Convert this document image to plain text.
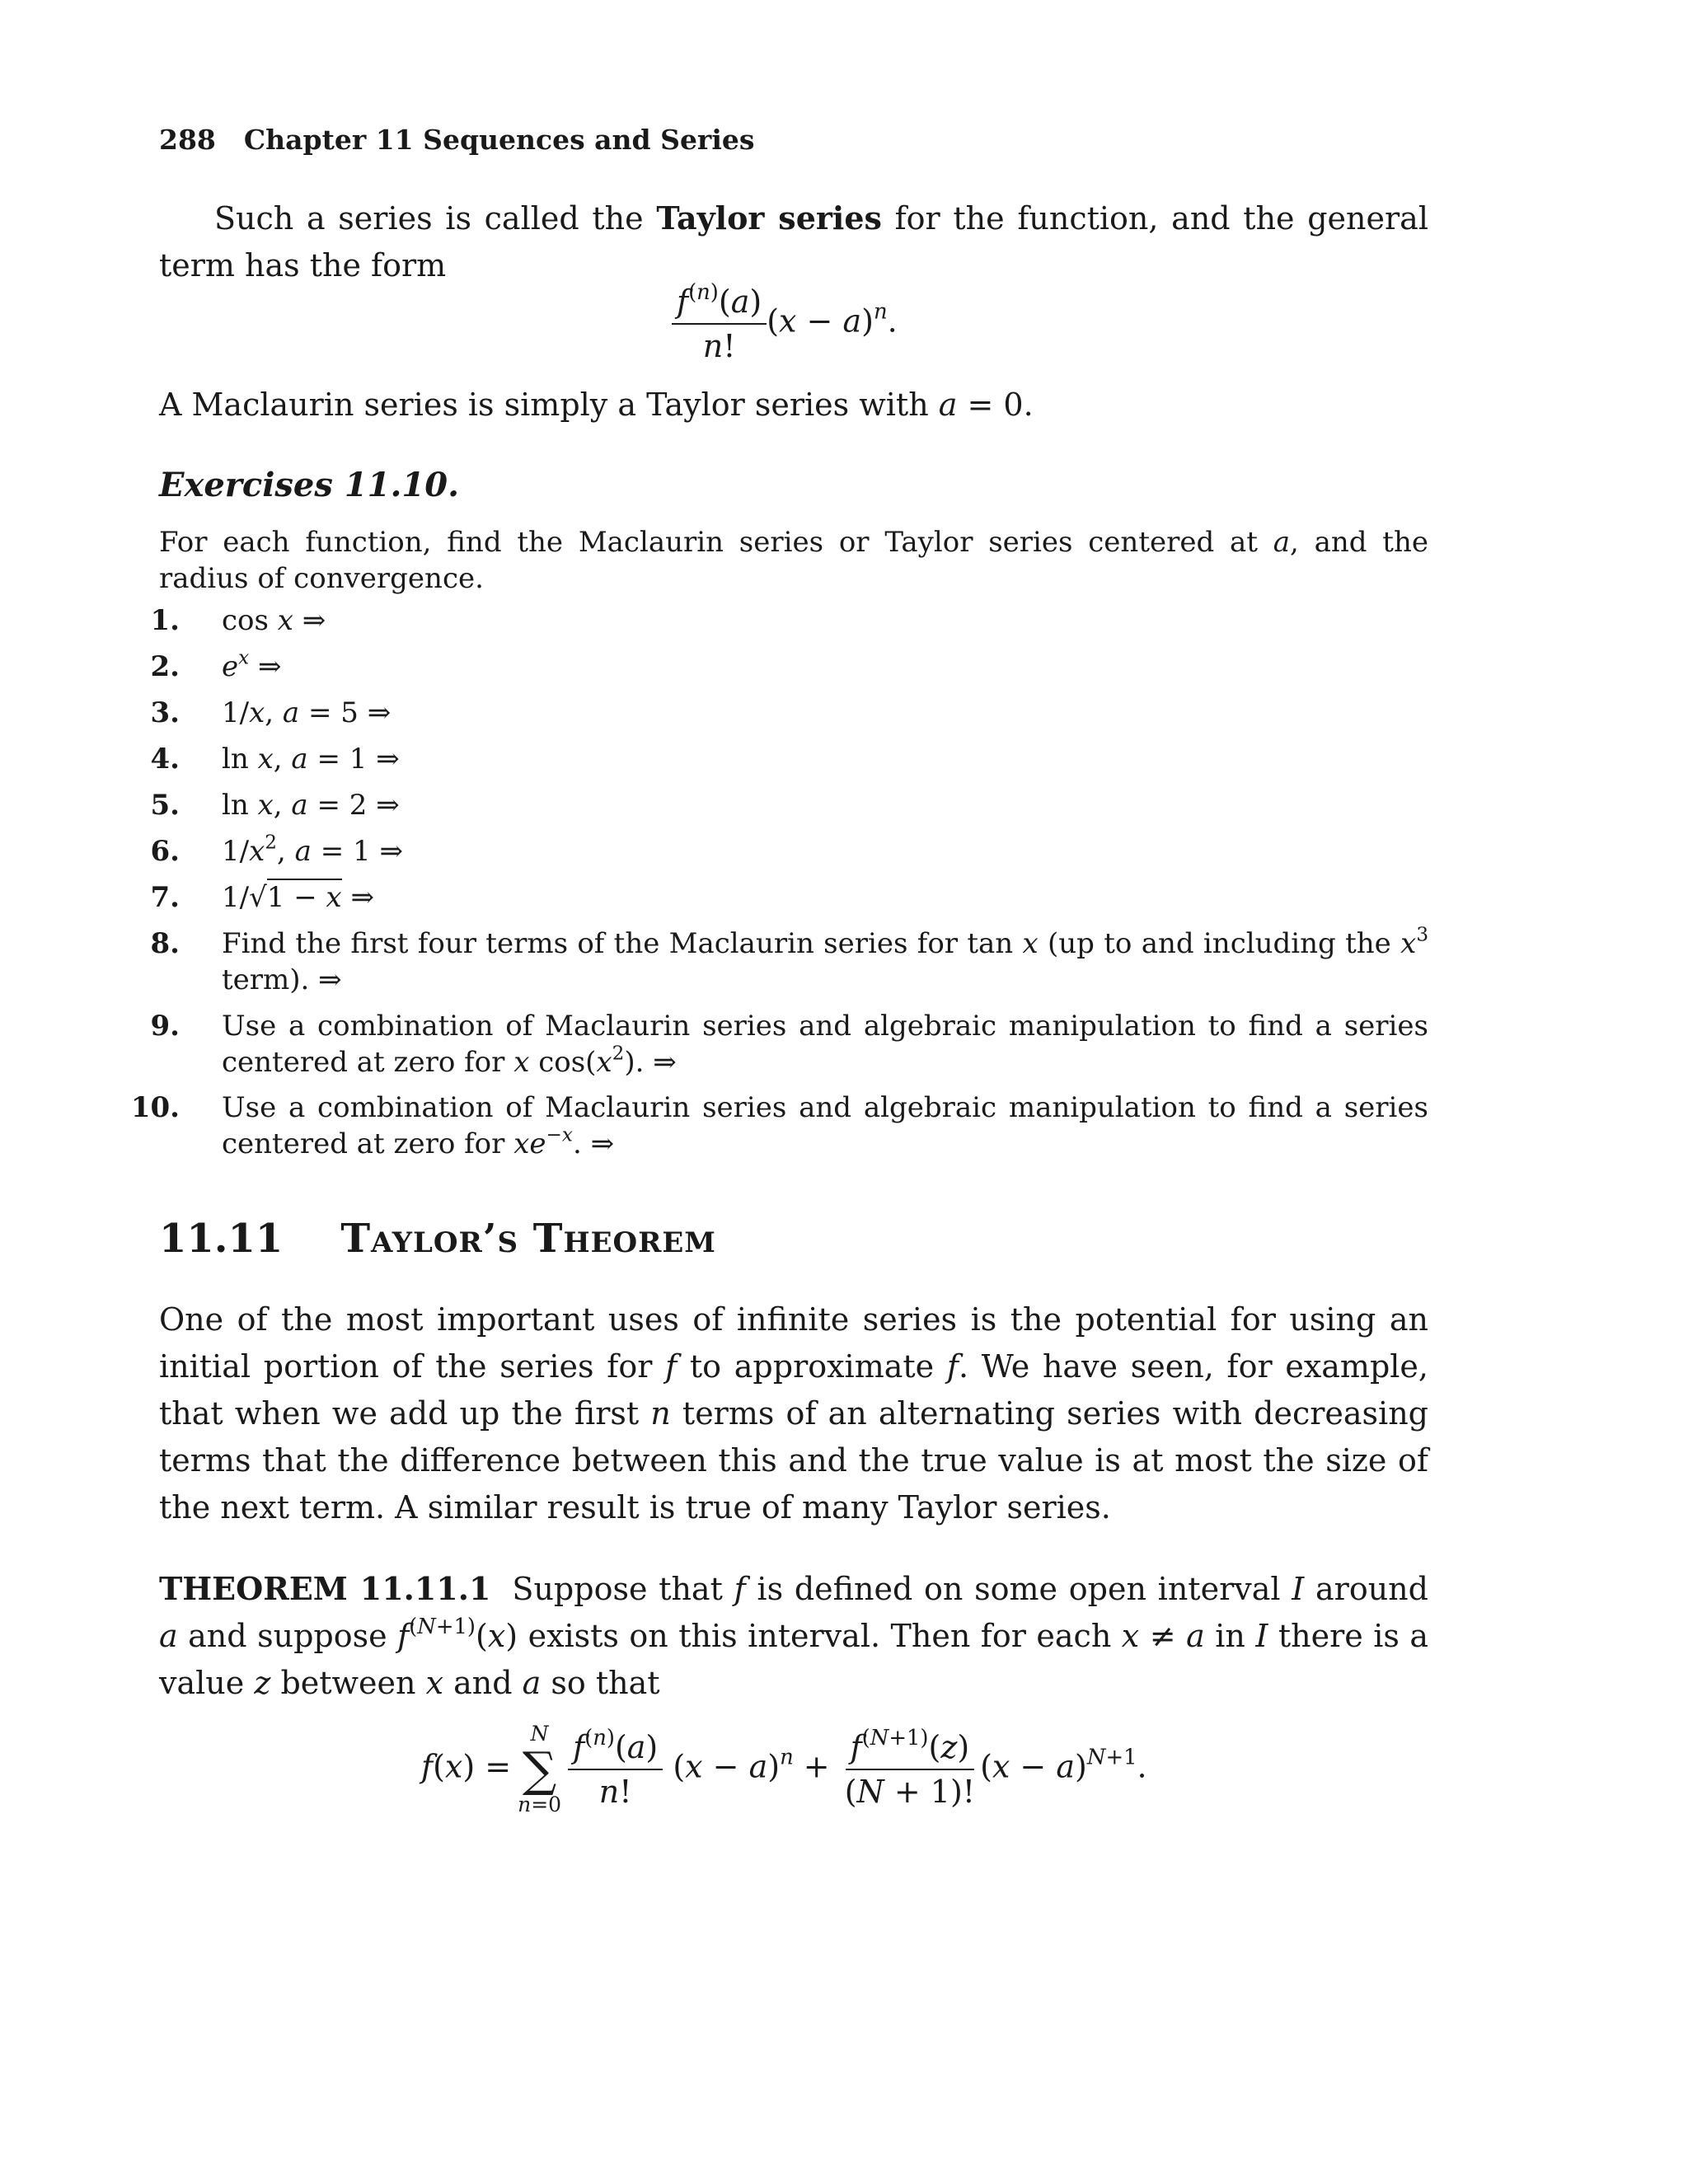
288 Chapter 11 Sequences and Series
Such a series is called the Taylor series for the function, and the general term has the form
$\frac{f^{(n)}(a)}{n!} (x - a)^n$.
A Maclaurin series is simply a Taylor series with a = 0.
Exercises 11.10.
For each function, find the Maclaurin series or Taylor series centered at a, and the radius of convergence.
1. cos x ⇒
2. $e^x$ ⇒
3. 1/x, a = 5 ⇒
4. ln x, a = 1 ⇒
5. ln x, a = 2 ⇒
6. $1/x^2$, a = 1 ⇒
7. 1/√1 − x ⇒
8. Find the first four terms of the Maclaurin series for tan x (up to and including the $x^3$ term). ⇒
9. Use a combination of Maclaurin series and algebraic manipulation to find a series centered at zero for x $\cos(x^2)$. ⇒
10. Use a combination of Maclaurin series and algebraic manipulation to find a series centered at zero for $xe^{-x}$. ⇒
11.11 Taylor’s Theorem
One of the most important uses of infinite series is the potential for using an initial portion of the series for f to approximate f. We have seen, for example, that when we add up the first n terms of an alternating series with decreasing terms that the difference between this and the true value is at most the size of the next term. A similar result is true of many Taylor series.
THEOREM 11.11.1 Suppose that f is defined on some open interval I around a and suppose $f^{(N+1)}(x)$ exists on this interval. Then for each x ≠ a in I there is a value z between x and a so that
f(x) =
N
∑
$n=0 \frac{f^{(n)}(a)}{n!} (x - a)^n + \frac{f^{(N+1)}(z)}{(N + 1)!} (x - a)^{N+1}$.
